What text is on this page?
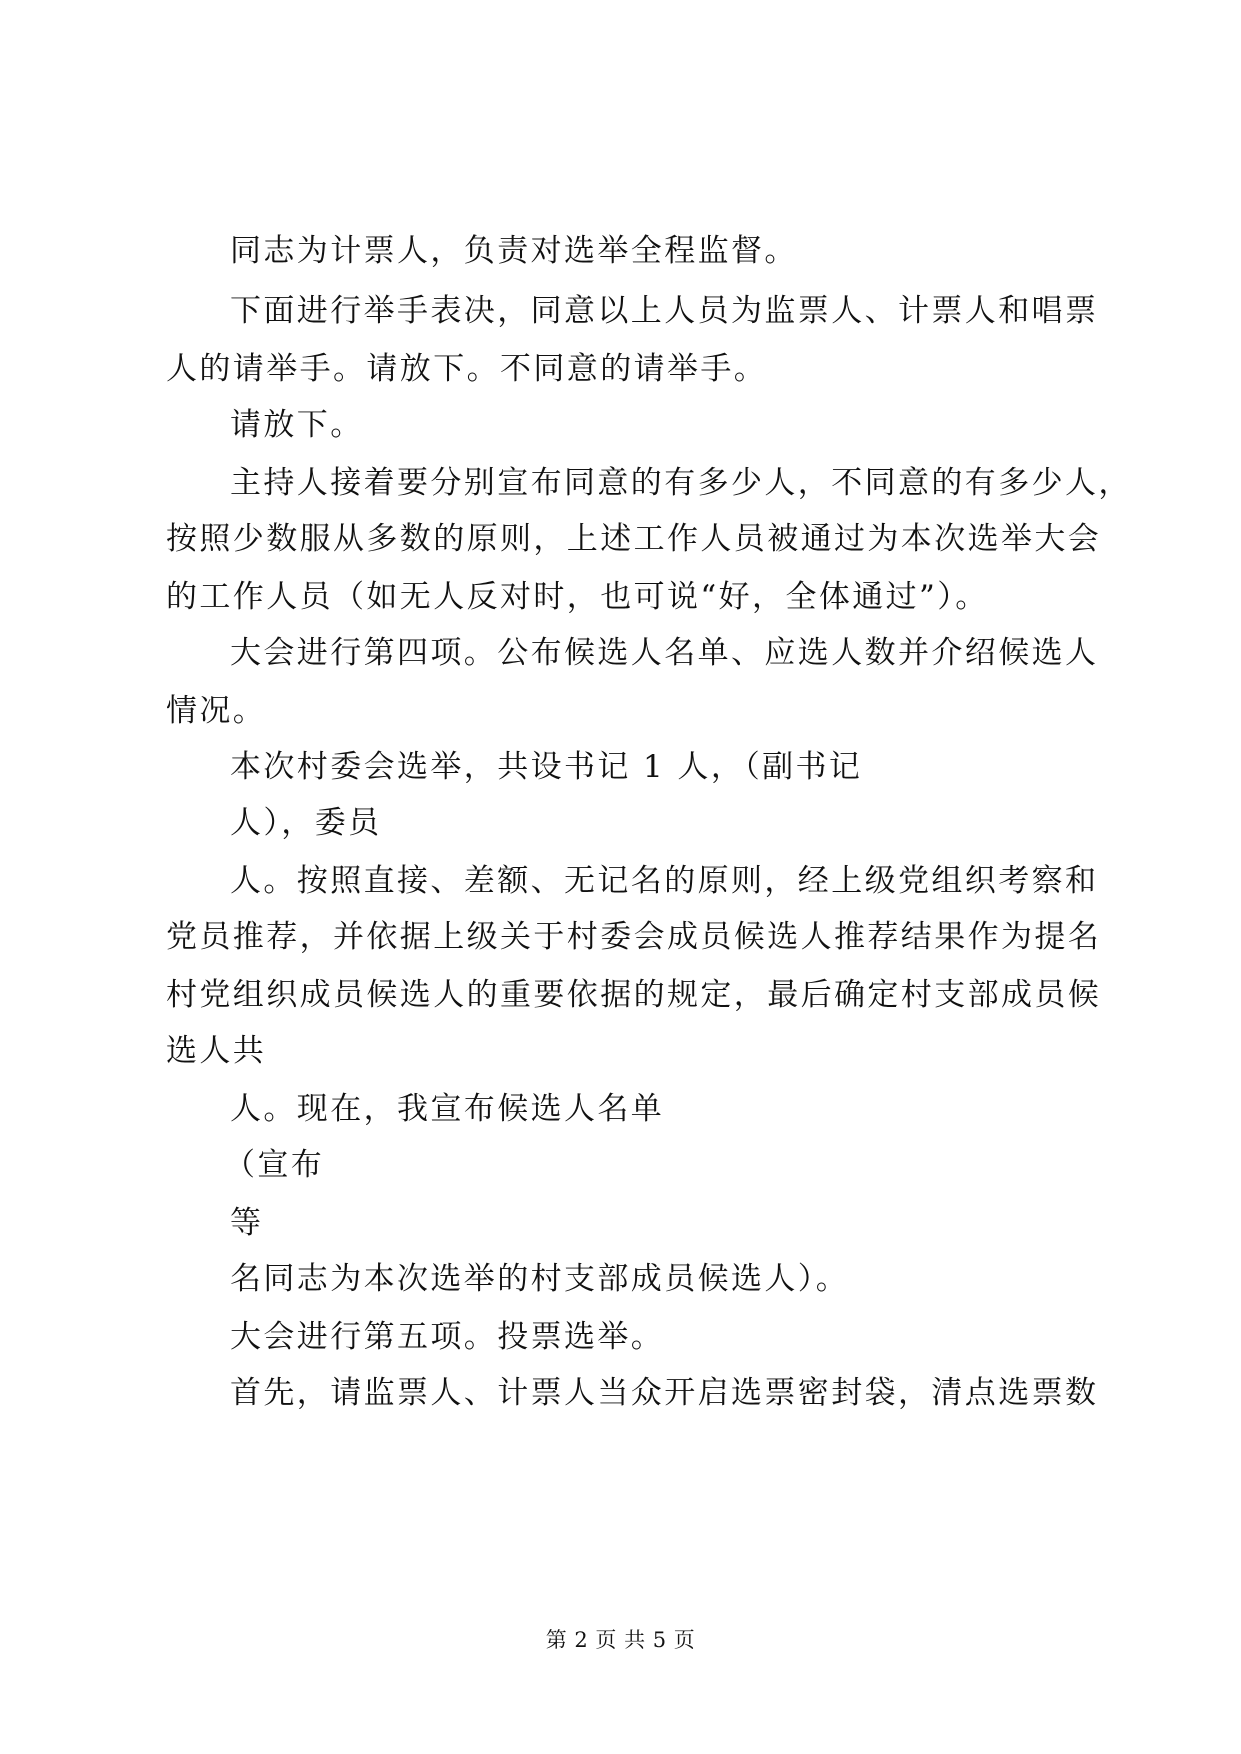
同志为计票人，负责对选举全程监督。
下面进行举手表决，同意以上人员为监票人、计票人和唱票
人的请举手。请放下。不同意的请举手。
请放下。
主持人接着要分别宣布同意的有多少人，不同意的有多少人，
按照少数服从多数的原则，上述工作人员被通过为本次选举大会
的工作人员（如无人反对时，也可说“好，全体通过”）。
大会进行第四项。公布候选人名单、应选人数并介绍候选人
情况。
本次村委会选举，共设书记 1 人，（副书记
人），委员
人。按照直接、差额、无记名的原则，经上级党组织考察和
党员推荐，并依据上级关于村委会成员候选人推荐结果作为提名
村党组织成员候选人的重要依据的规定，最后确定村支部成员候
选人共
人。现在，我宣布候选人名单
（宣布
等
名同志为本次选举的村支部成员候选人）。
大会进行第五项。投票选举。
首先，请监票人、计票人当众开启选票密封袋，清点选票数
第 2 页 共 5 页
